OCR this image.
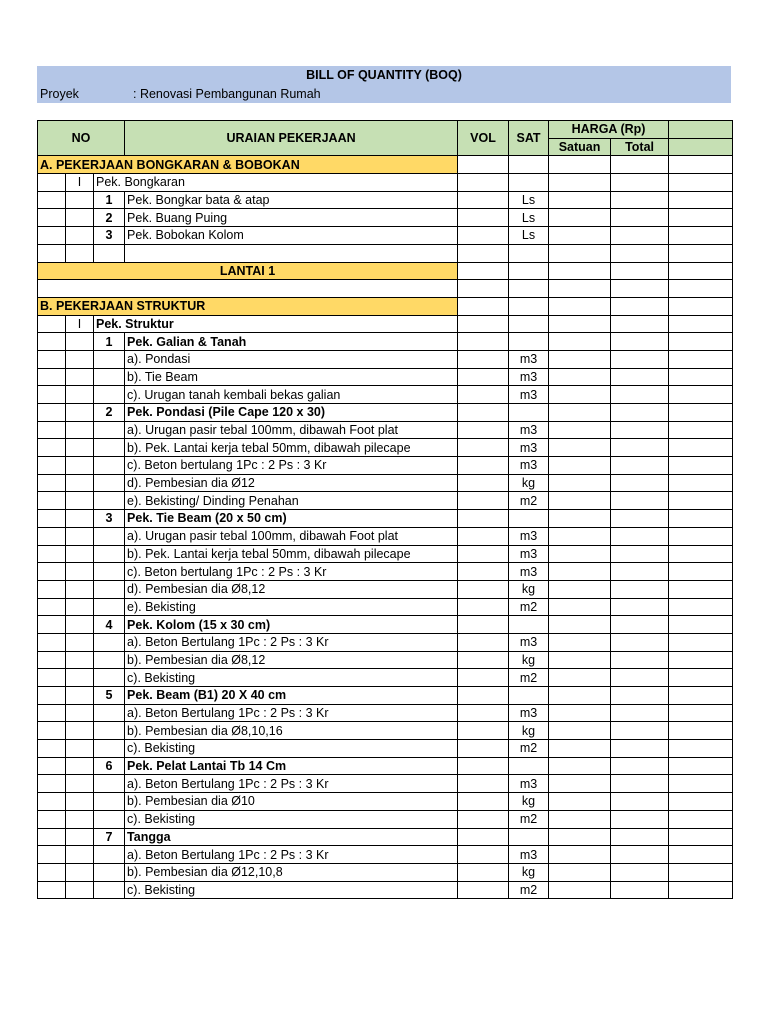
BILL OF QUANTITY (BOQ)
Proyek	: Renovasi Pembangunan Rumah
NO			URAIAN PEKERJAAN	VOL	SAT	HARGA (Rp)		
						Satuan	Total	
A. PEKERJAAN BONGKARAN & BOBOKAN								
	I	Pek. Bongkaran						
		1	Pek. Bongkar bata & atap		Ls			
		2	Pek. Buang Puing		Ls			
		3	Pek. Bobokan Kolom		Ls			

LANTAI 1								

B. PEKERJAAN STRUKTUR								
	I	Pek. Struktur						
		1	Pek. Galian & Tanah					
			a). Pondasi		m3			
			b). Tie Beam		m3			
			c). Urugan tanah kembali bekas galian		m3			
		2	Pek. Pondasi (Pile Cape 120 x 30)					
			a). Urugan pasir tebal 100mm, dibawah Foot plat		m3			
			b). Pek. Lantai kerja tebal 50mm, dibawah pilecape		m3			
			c). Beton bertulang 1Pc : 2 Ps : 3 Kr		m3			
			d). Pembesian dia Ø12		kg			
			e). Bekisting/ Dinding Penahan		m2			
		3	Pek. Tie Beam (20 x 50 cm)					
			a). Urugan pasir tebal 100mm, dibawah Foot plat		m3			
			b). Pek. Lantai kerja tebal 50mm, dibawah pilecape		m3			
			c). Beton bertulang 1Pc : 2 Ps : 3 Kr		m3			
			d). Pembesian dia Ø8,12		kg			
			e). Bekisting		m2			
		4	Pek. Kolom (15 x 30 cm)					
			a). Beton Bertulang 1Pc : 2 Ps : 3 Kr		m3			
			b). Pembesian dia Ø8,12		kg			
			c). Bekisting		m2			
		5	Pek. Beam (B1) 20 X 40 cm					
			a). Beton Bertulang 1Pc : 2 Ps : 3 Kr		m3			
			b). Pembesian dia Ø8,10,16		kg			
			c). Bekisting		m2			
		6	Pek. Pelat Lantai Tb 14 Cm					
			a). Beton Bertulang 1Pc : 2 Ps : 3 Kr		m3			
			b). Pembesian dia Ø10		kg			
			c). Bekisting		m2			
		7	Tangga					
			a). Beton Bertulang 1Pc : 2 Ps : 3 Kr		m3			
			b). Pembesian dia Ø12,10,8		kg			
			c). Bekisting		m2			
